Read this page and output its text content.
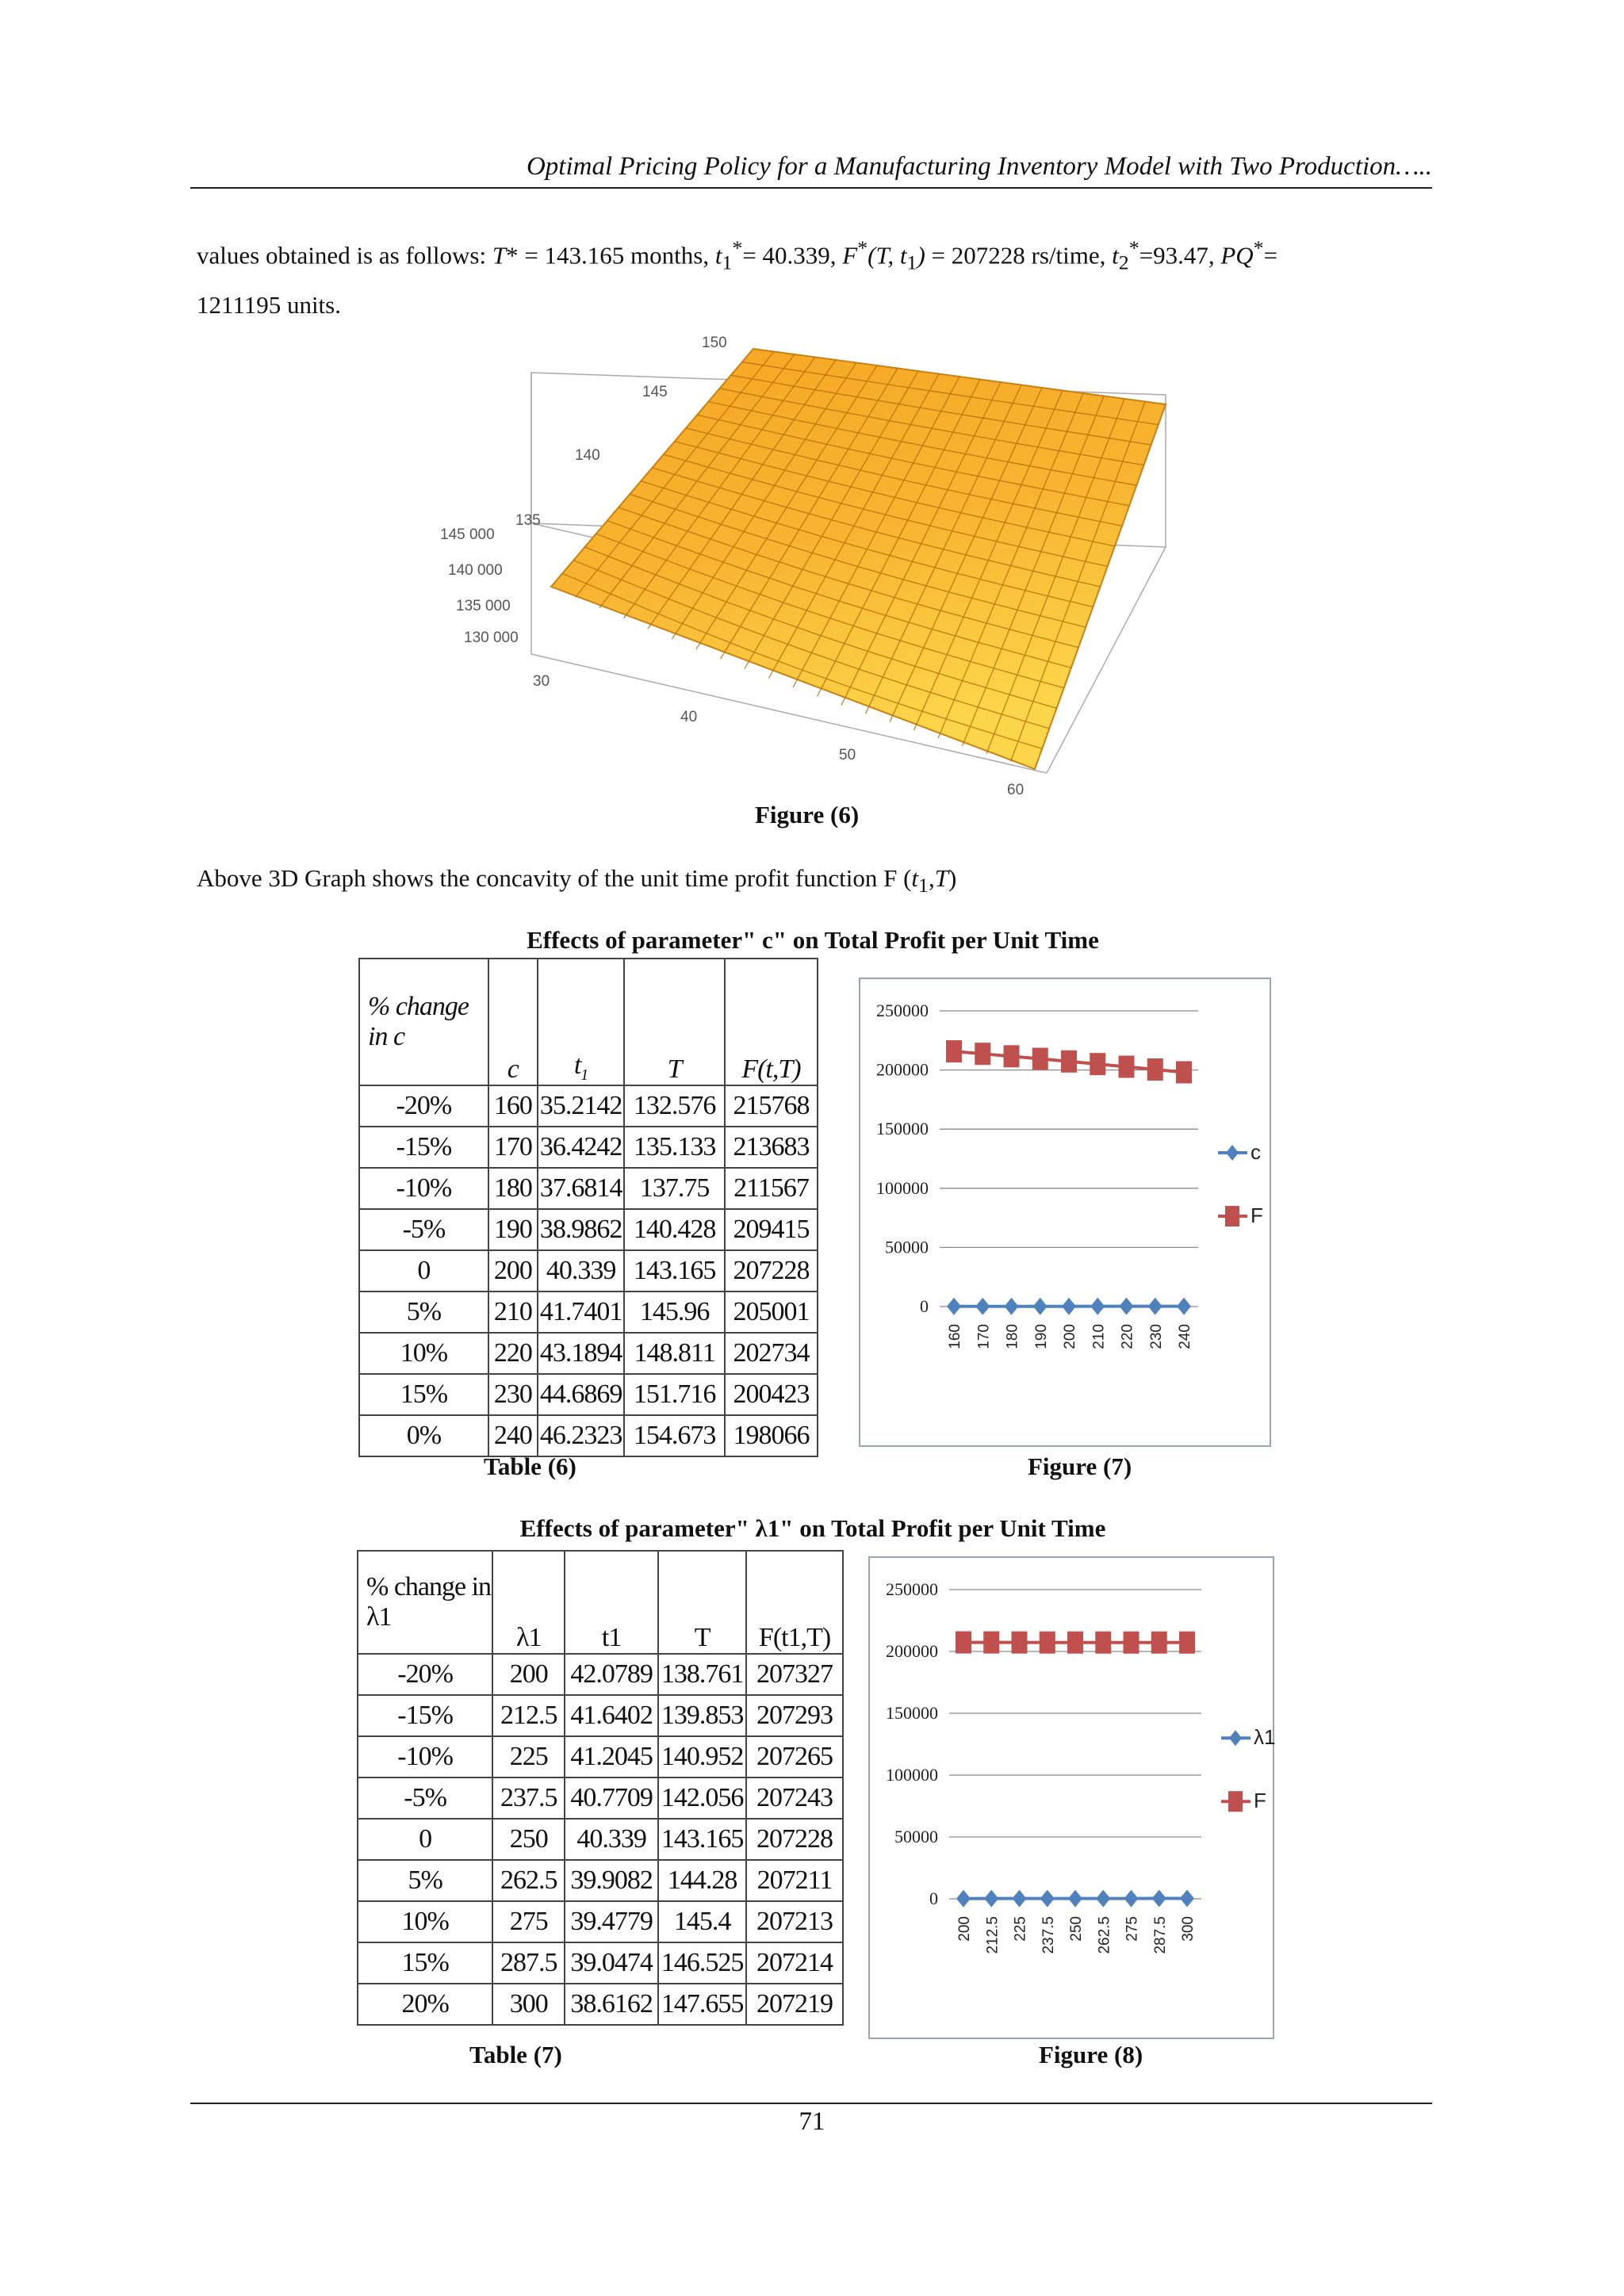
Optimal Pricing Policy for a Manufacturing Inventory Model with Two Production…..
values obtained is as follows: T* = 143.165 months, $t_1^*= 40.339$, F*(T, $t_1) = 207228$ rs/time, $t_2^*=93.47$, PQ*=
1211195 units.
150
145
140
135
145 000
140 000
135 000
130 000
30
40
50
60
Figure (6)
Above 3D Graph shows the concavity of the unit time profit function F $(t_1,T)$
Effects of parameter" c" on Total Profit per Unit Time
% change in c	c	$t_1$	T	F(t,T)
-20%	160	35.2142	132.576	215768
-15%	170	36.4242	135.133	213683
-10%	180	37.6814	137.75	211567
-5%	190	38.9862	140.428	209415
0	200	40.339	143.165	207228
5%	210	41.7401	145.96	205001
10%	220	43.1894	148.811	202734
15%	230	44.6869	151.716	200423
0%	240	46.2323	154.673	198066
250000
200000
150000
100000
50000
0
160 170 180 190 200 210 220 230 240
c
F
Table (6)	Figure (7)
Effects of parameter" λ1" on Total Profit per Unit Time
% change in λ1	λ1	t1	T	F(t1,T)
-20%	200	42.0789	138.761	207327
-15%	212.5	41.6402	139.853	207293
-10%	225	41.2045	140.952	207265
-5%	237.5	40.7709	142.056	207243
0	250	40.339	143.165	207228
5%	262.5	39.9082	144.28	207211
10%	275	39.4779	145.4	207213
15%	287.5	39.0474	146.525	207214
20%	300	38.6162	147.655	207219
250000
200000
150000
100000
50000
0
200 212.5 225 237.5 250 262.5 275 287.5 300
λ1
F
Table (7)	Figure (8)
71
